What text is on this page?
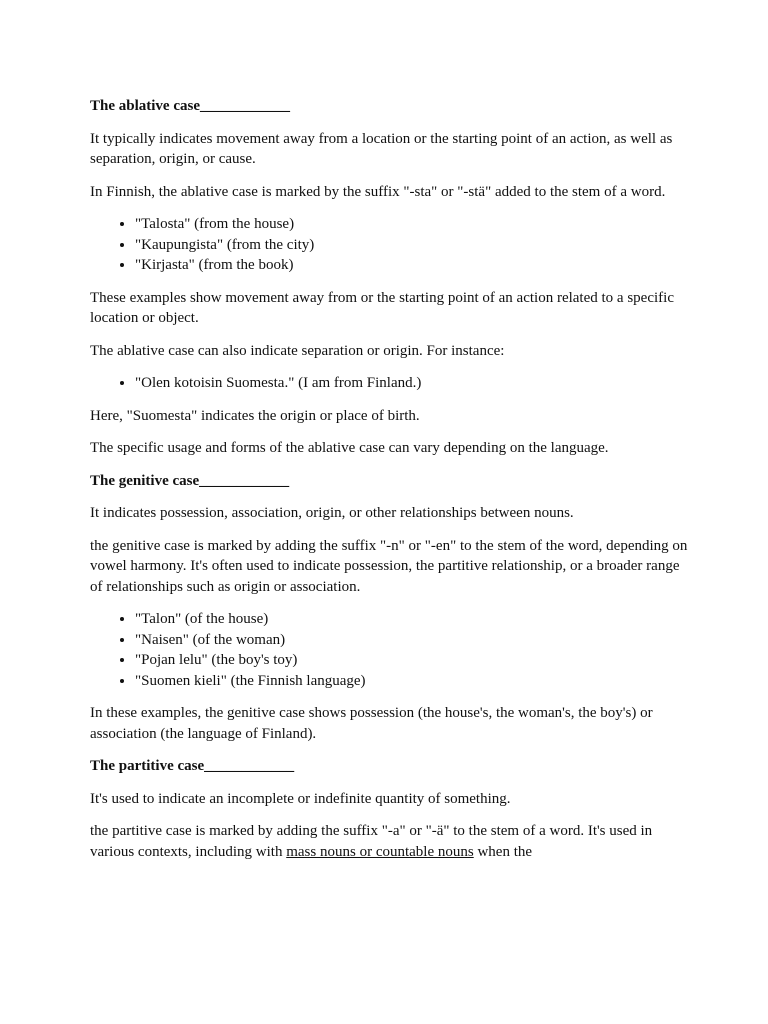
The ablative case____________

It typically indicates movement away from a location or the starting point of an action, as well as separation, origin, or cause.

In Finnish, the ablative case is marked by the suffix "-sta" or "-stä" added to the stem of a word.

• "Talosta" (from the house)
• "Kaupungista" (from the city)
• "Kirjasta" (from the book)

These examples show movement away from or the starting point of an action related to a specific location or object.

The ablative case can also indicate separation or origin. For instance:

• "Olen kotoisin Suomesta." (I am from Finland.)

Here, "Suomesta" indicates the origin or place of birth.

The specific usage and forms of the ablative case can vary depending on the language.

The genitive case____________

It indicates possession, association, origin, or other relationships between nouns.

the genitive case is marked by adding the suffix "-n" or "-en" to the stem of the word, depending on vowel harmony. It's often used to indicate possession, the partitive relationship, or a broader range of relationships such as origin or association.

• "Talon" (of the house)
• "Naisen" (of the woman)
• "Pojan lelu" (the boy's toy)
• "Suomen kieli" (the Finnish language)

In these examples, the genitive case shows possession (the house's, the woman's, the boy's) or association (the language of Finland).

The partitive case____________

It's used to indicate an incomplete or indefinite quantity of something.

the partitive case is marked by adding the suffix "-a" or "-ä" to the stem of a word. It's used in various contexts, including with mass nouns or countable nouns when the
